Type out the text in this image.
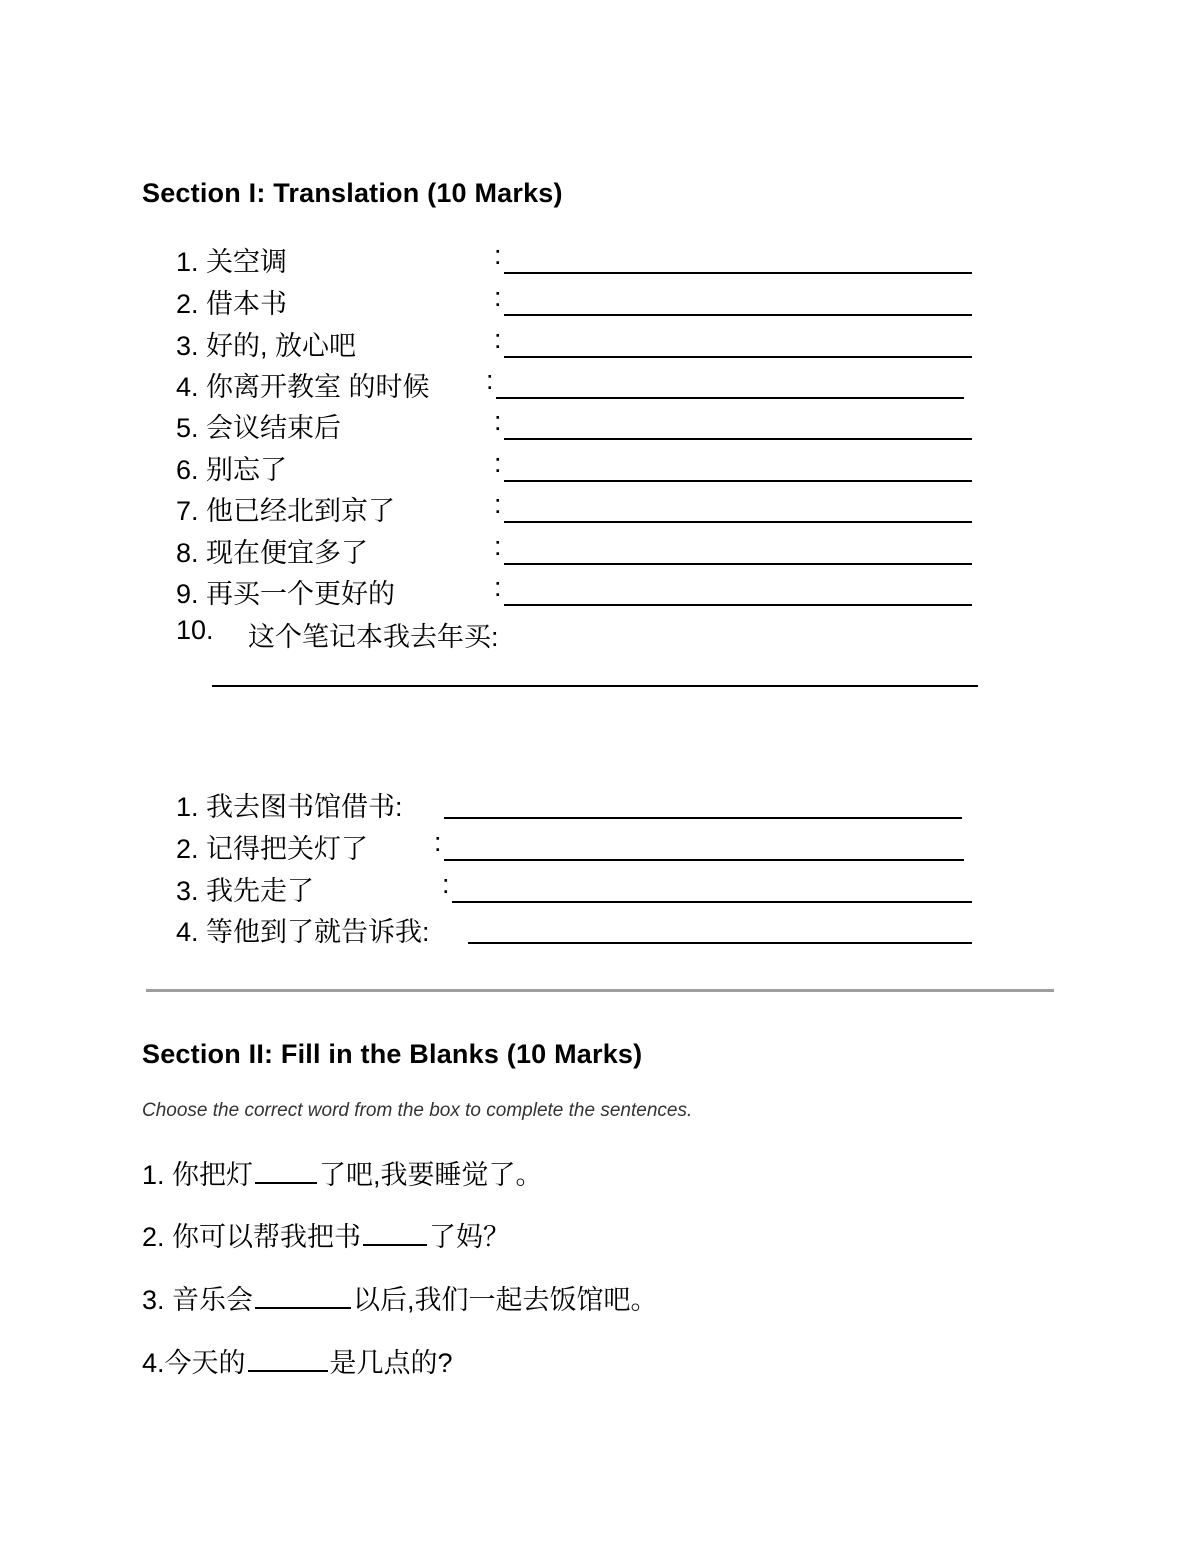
Section I: Translation (10 Marks)
1. 关空调	:
2. 借本书	:
3. 好的, 放心吧	:
4. 你离开教室 的时候 :
5. 会议结束后	:
6. 别忘了	:
7. 他已经北到京了	:
8. 现在便宜多了	:
9. 再买一个更好的	:
10. 这个笔记本我去年买:
1. 我去图书馆借书:
2. 记得把关灯了 :
3. 我先走了	:
4. 等他到了就告诉我:
Section II: Fill in the Blanks (10 Marks)
Choose the correct word from the box to complete the sentences.
1. 你把灯 了吧,我要睡觉了。
2. 你可以帮我把书	了妈？
3. 音乐会	以后,我们一起去饭馆吧。
4.今天的	是几点的?
